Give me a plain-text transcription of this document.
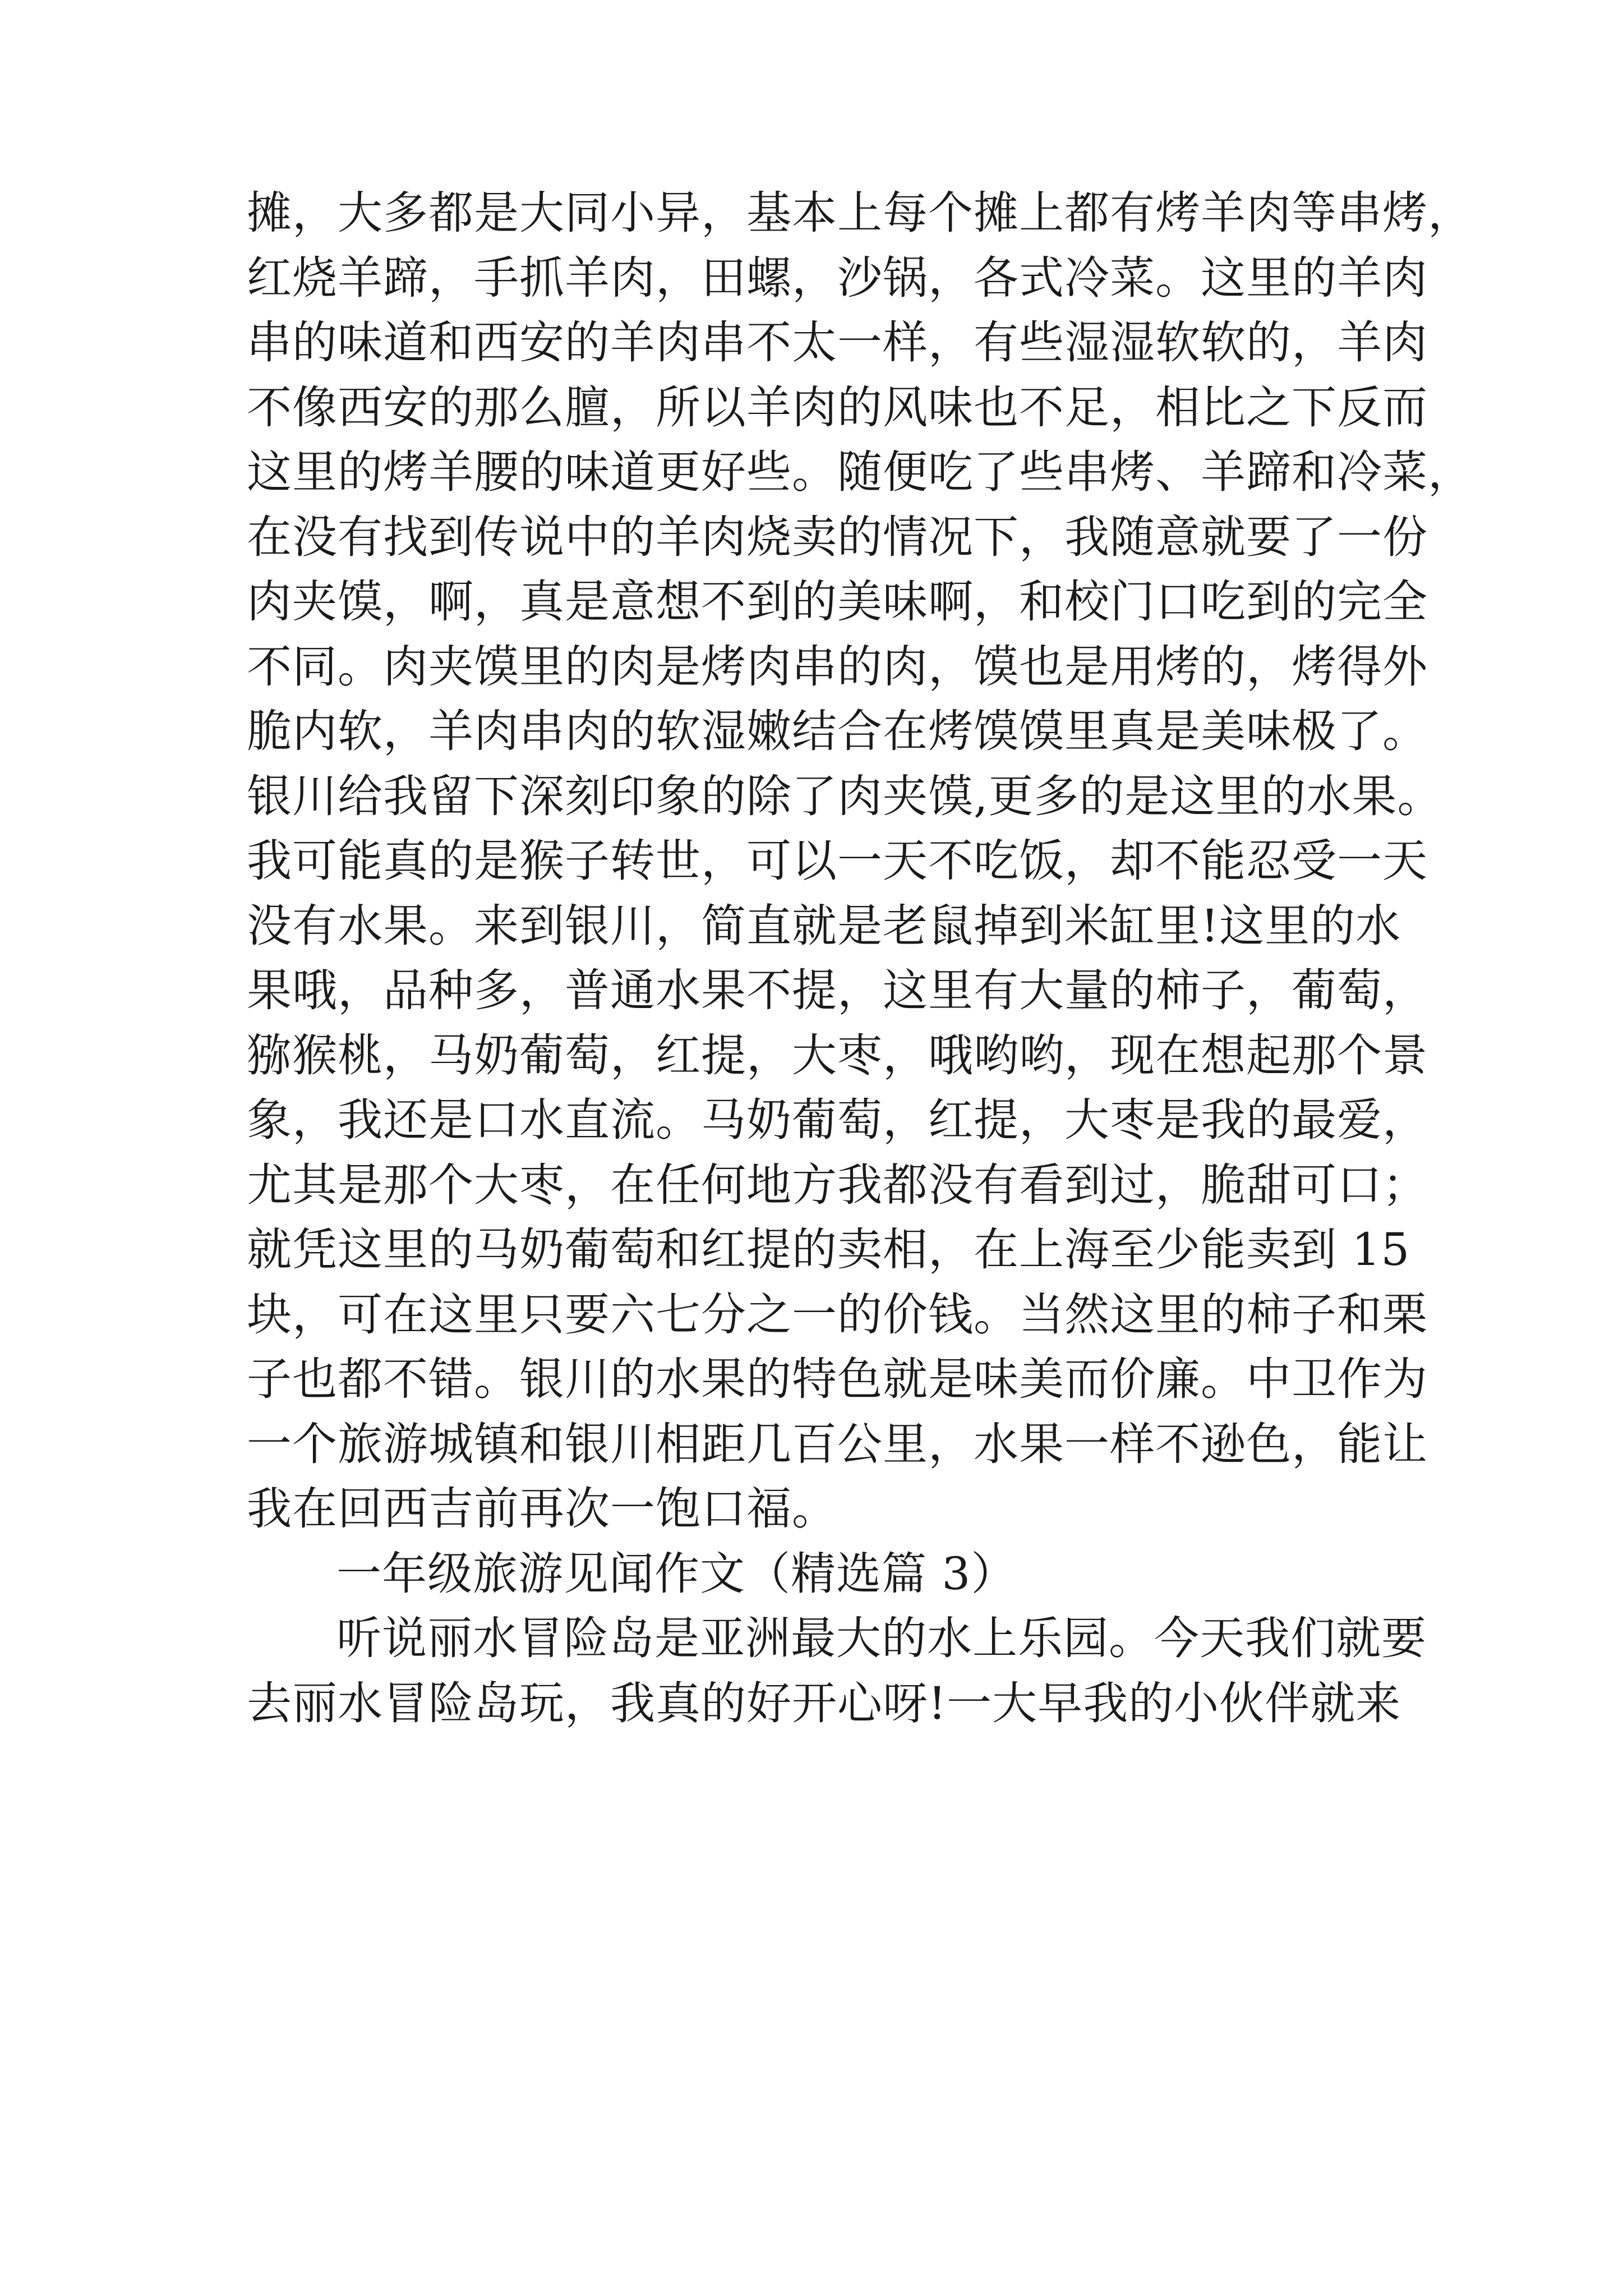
摊，大多都是大同小异，基本上每个摊上都有烤羊肉等串烤，

红烧羊蹄，手抓羊肉，田螺，沙锅，各式冷菜。这里的羊肉

串的味道和西安的羊肉串不太一样，有些湿湿软软的，羊肉

不像西安的那么膻，所以羊肉的风味也不足，相比之下反而

这里的烤羊腰的味道更好些。随便吃了些串烤、羊蹄和冷菜，

在没有找到传说中的羊肉烧卖的情况下，我随意就要了一份

肉夹馍，啊，真是意想不到的美味啊，和校门口吃到的完全

不同。肉夹馍里的肉是烤肉串的肉，馍也是用烤的，烤得外

脆内软，羊肉串肉的软湿嫩结合在烤馍馍里真是美味极了。

银川给我留下深刻印象的除了肉夹馍,更多的是这里的水果。

我可能真的是猴子转世，可以一天不吃饭，却不能忍受一天

没有水果。来到银川，简直就是老鼠掉到米缸里!这里的水

果哦，品种多，普通水果不提，这里有大量的柿子，葡萄，

猕猴桃，马奶葡萄，红提，大枣，哦哟哟，现在想起那个景

象，我还是口水直流。马奶葡萄，红提，大枣是我的最爱，

尤其是那个大枣，在任何地方我都没有看到过，脆甜可口；

就凭这里的马奶葡萄和红提的卖相，在上海至少能卖到 15

块，可在这里只要六七分之一的价钱。当然这里的柿子和栗

子也都不错。银川的水果的特色就是味美而价廉。中卫作为

一个旅游城镇和银川相距几百公里，水果一样不逊色，能让

我在回西吉前再次一饱口福。

一年级旅游见闻作文（精选篇 3）

听说丽水冒险岛是亚洲最大的水上乐园。今天我们就要

去丽水冒险岛玩，我真的好开心呀!一大早我的小伙伴就来
